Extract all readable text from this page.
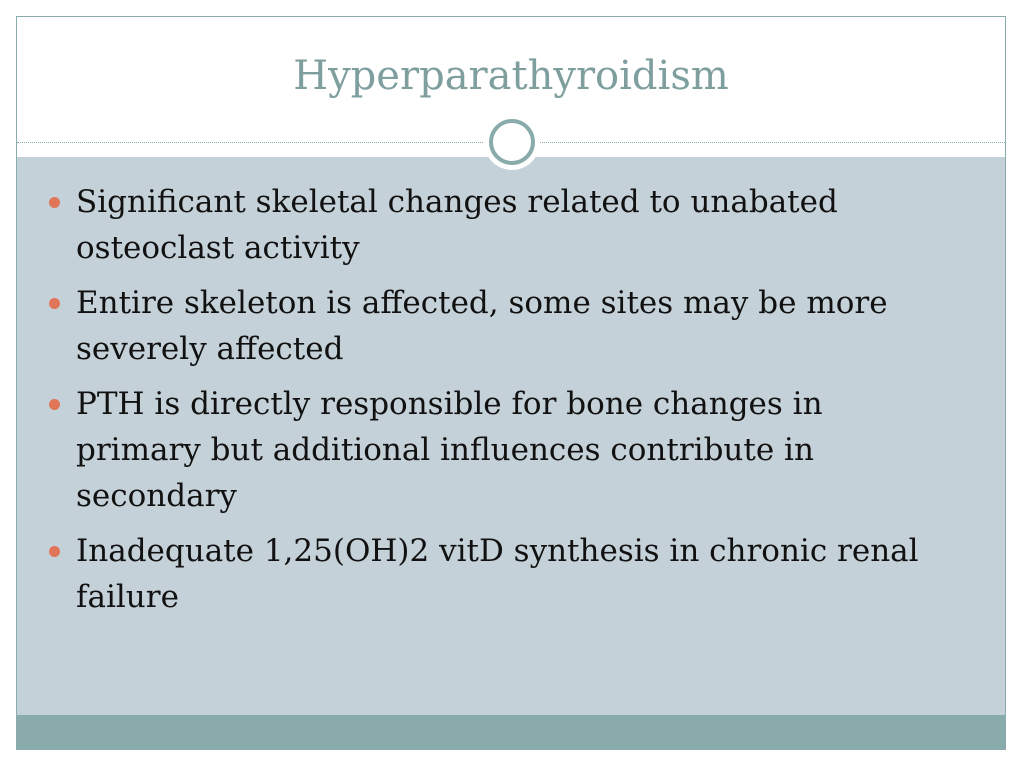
Hyperparathyroidism
Significant skeletal changes related to unabated osteoclast activity
Entire skeleton is affected, some sites may be more severely affected
PTH is directly responsible for bone changes in primary but additional influences contribute in secondary
Inadequate 1,25(OH)2 vitD synthesis in chronic renal failure
